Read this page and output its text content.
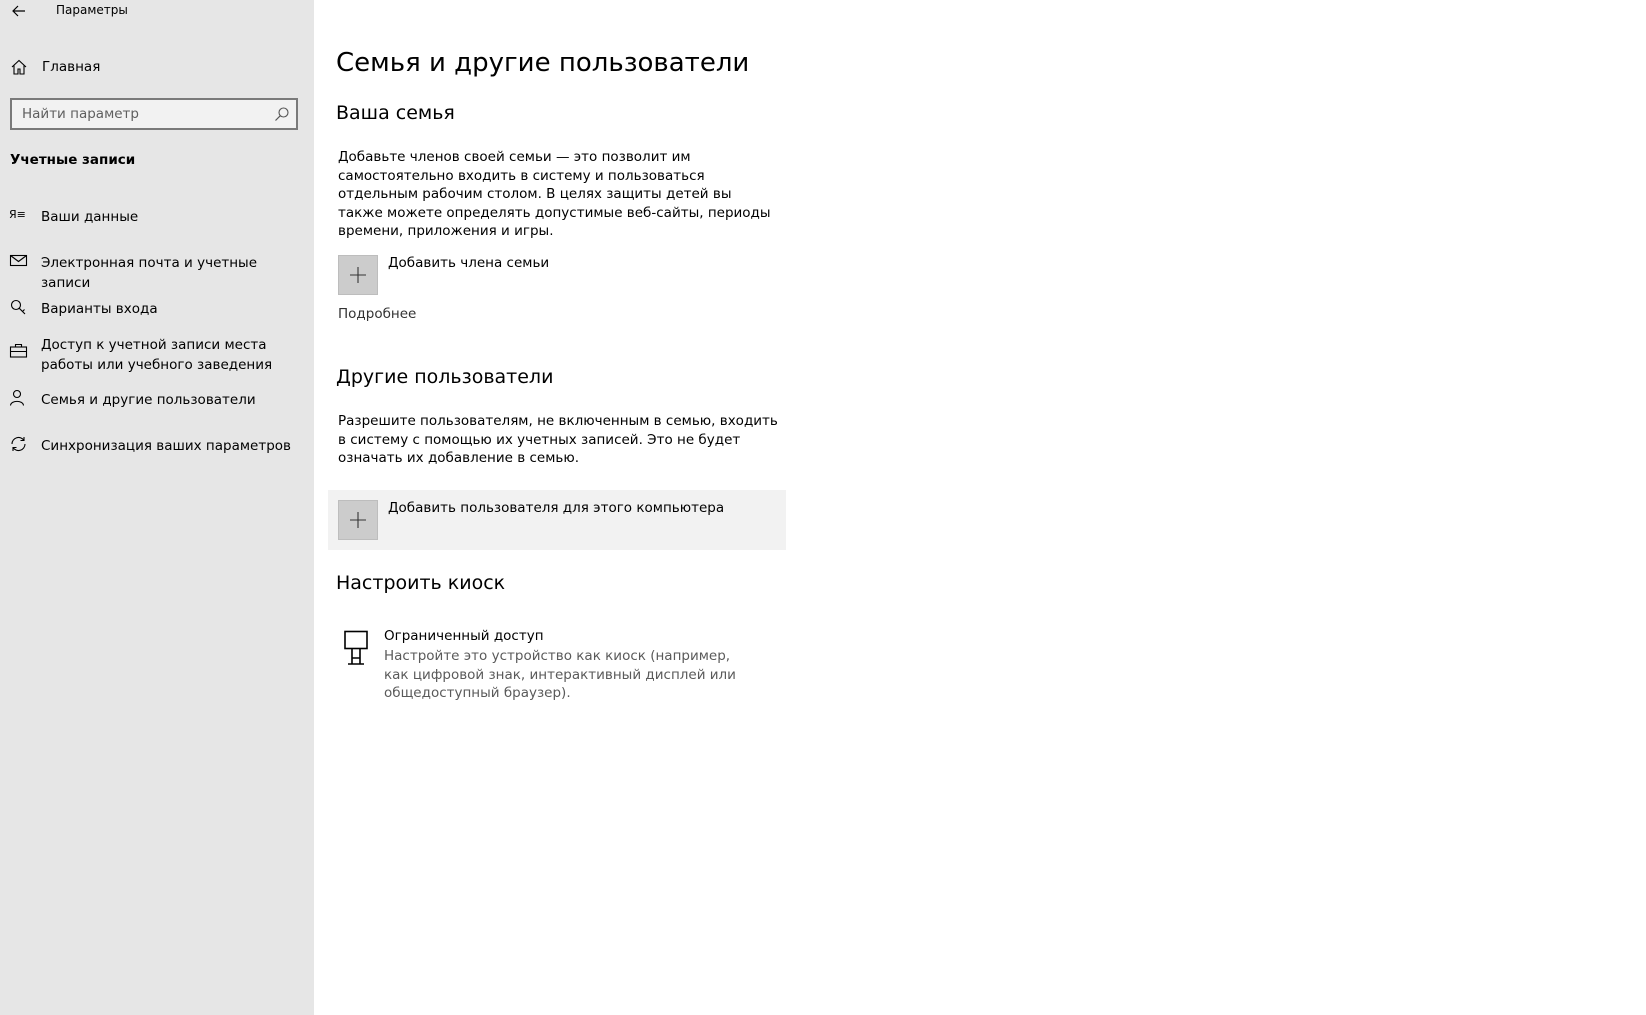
Параметры
Главная
Найти параметр
Учетные записи
Я≡ Ваши данные
Электронная почта и учетные записи
Варианты входа
Доступ к учетной записи места работы или учебного заведения
Семья и другие пользователи
Синхронизация ваших параметров
Семья и другие пользователи
Ваша семья

Добавьте членов своей семьи — это позволит им самостоятельно входить в систему и пользоваться отдельным рабочим столом. В целях защиты детей вы также можете определять допустимые веб-сайты, периоды времени, приложения и игры.

Добавить члена семьи
Подробнее
Другие пользователи

Разрешите пользователям, не включенным в семью, входить в систему с помощью их учетных записей. Это не будет означать их добавление в семью.

Добавить пользователя для этого компьютера
Настроить киоск
Ограниченный доступ

Настройте это устройство как киоск (например, как цифровой знак, интерактивный дисплей или общедоступный браузер).
